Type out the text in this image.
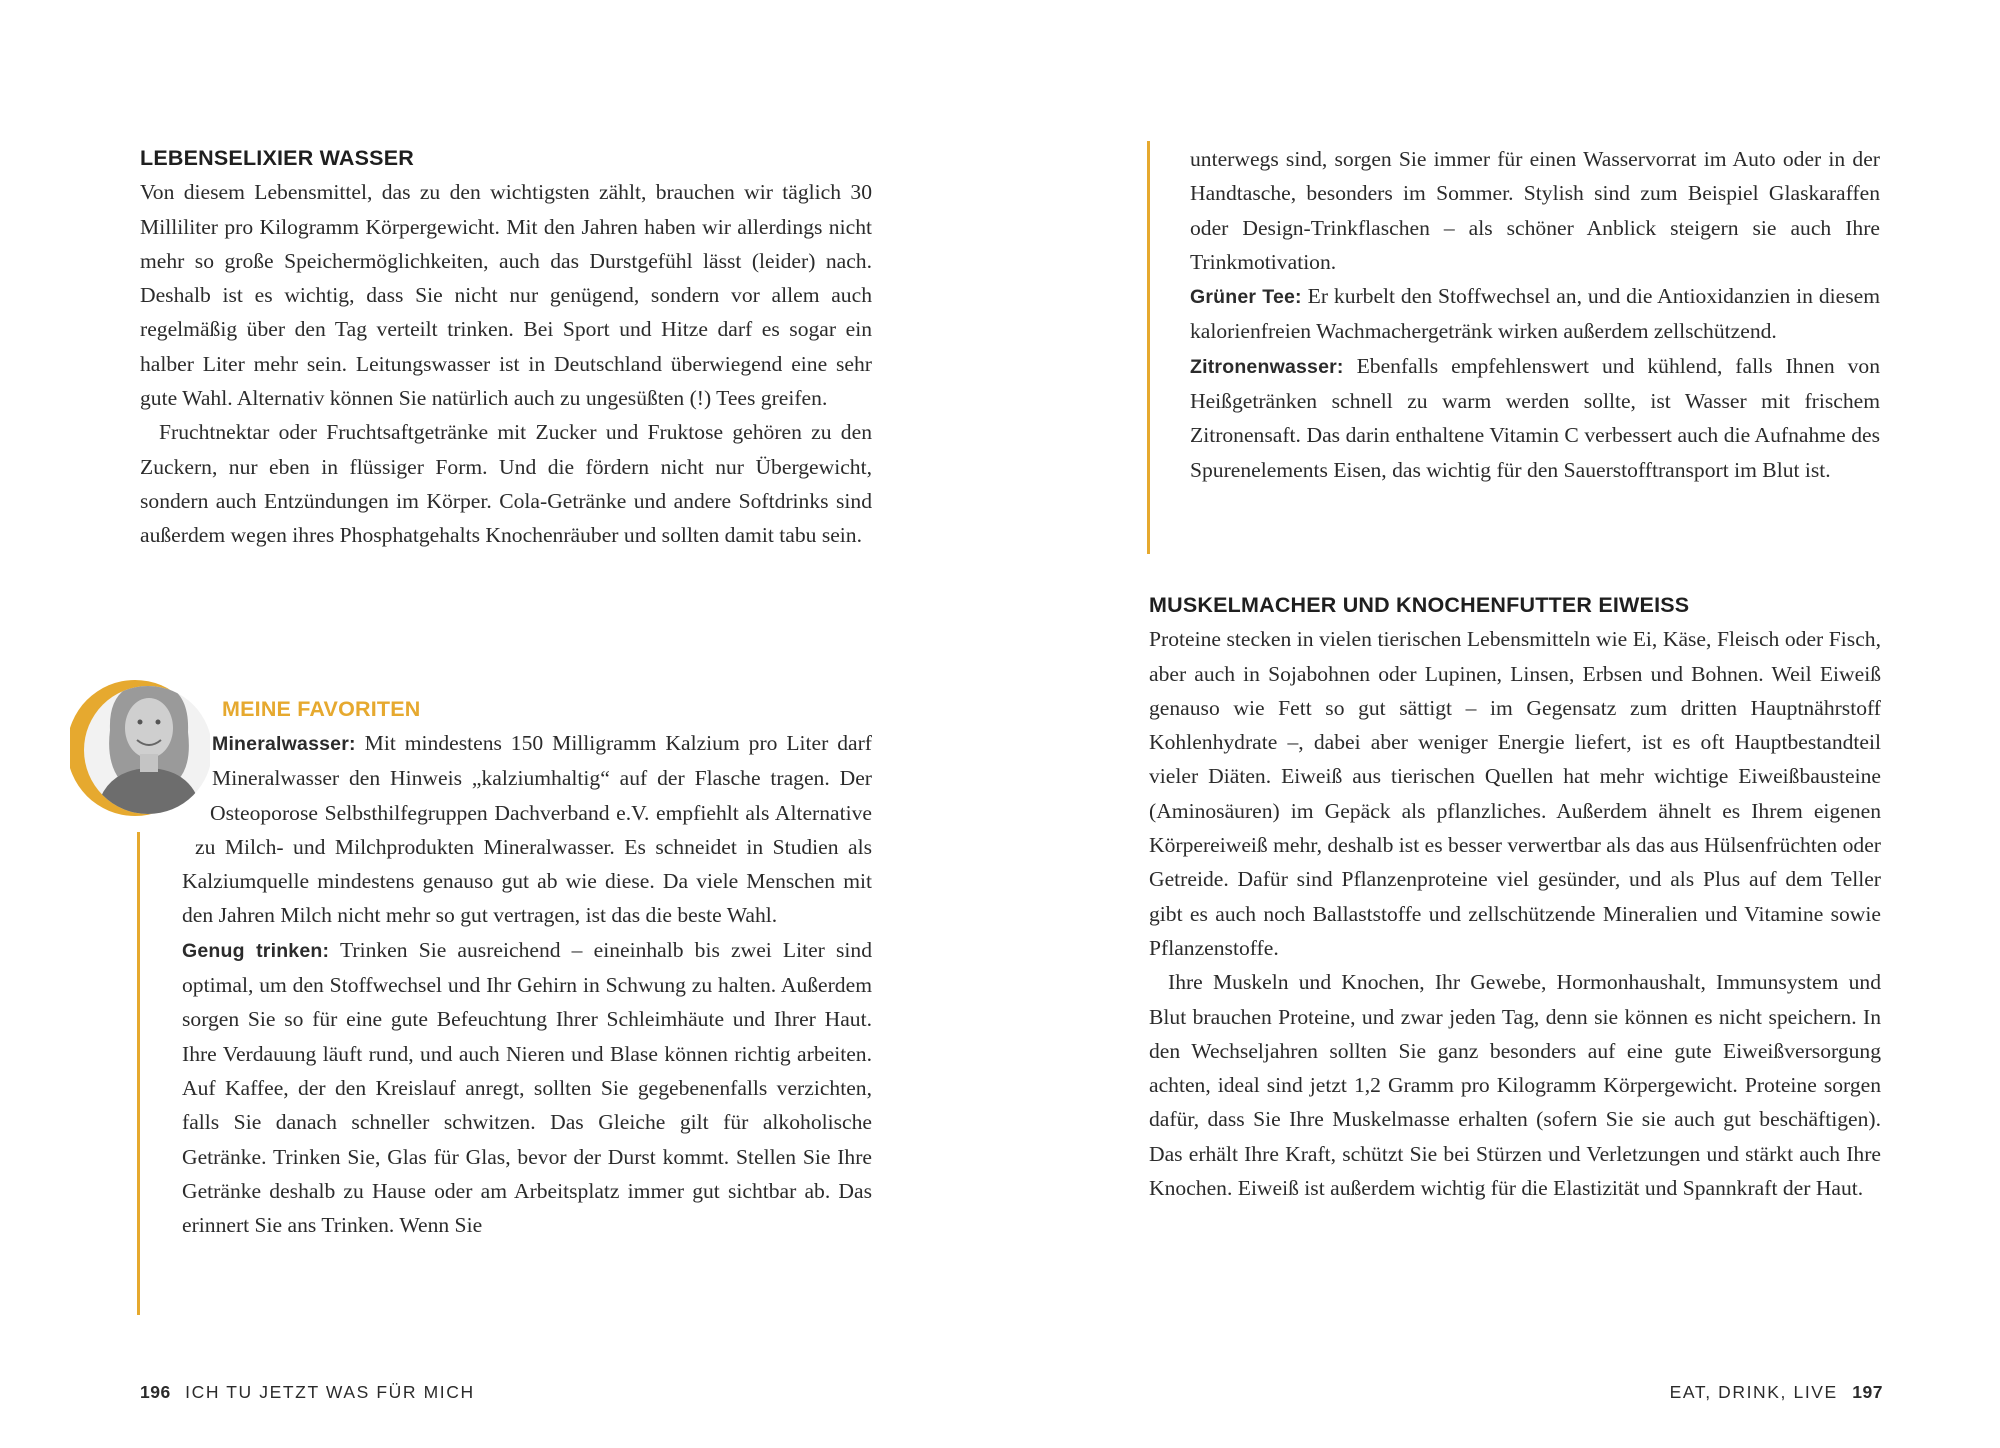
LEBENSELIXIER WASSER

Von diesem Lebensmittel, das zu den wichtigsten zählt, brauchen wir täglich 30 Milliliter pro Kilogramm Körpergewicht. Mit den Jahren haben wir allerdings nicht mehr so große Speichermöglichkeiten, auch das Durstgefühl lässt (leider) nach. Deshalb ist es wichtig, dass Sie nicht nur genügend, sondern vor allem auch regelmäßig über den Tag verteilt trinken. Bei Sport und Hitze darf es sogar ein halber Liter mehr sein. Leitungswasser ist in Deutschland überwiegend eine sehr gute Wahl. Alternativ können Sie natürlich auch zu ungesüßten (!) Tees greifen.

Fruchtnektar oder Fruchtsaftgetränke mit Zucker und Fruktose gehören zu den Zuckern, nur eben in flüssiger Form. Und die fördern nicht nur Übergewicht, sondern auch Entzündungen im Körper. Cola-Getränke und andere Softdrinks sind außerdem wegen ihres Phosphatgehalts Knochenräuber und sollten damit tabu sein.

MEINE FAVORITEN
Mineralwasser: Mit mindestens 150 Milligramm Kalzium pro Liter darf Mineralwasser den Hinweis „kalziumhaltig“ auf der Flasche tragen. Der Osteoporose Selbsthilfegruppen Dachverband e.V. empfiehlt als Alternative zu Milch- und Milchprodukten Mineralwasser. Es schneidet in Studien als Kalziumquelle mindestens genauso gut ab wie diese. Da viele Menschen mit den Jahren Milch nicht mehr so gut vertragen, ist das die beste Wahl.
Genug trinken: Trinken Sie ausreichend – eineinhalb bis zwei Liter sind optimal, um den Stoffwechsel und Ihr Gehirn in Schwung zu halten. Außerdem sorgen Sie so für eine gute Befeuchtung Ihrer Schleimhäute und Ihrer Haut. Ihre Verdauung läuft rund, und auch Nieren und Blase können richtig arbeiten. Auf Kaffee, der den Kreislauf anregt, sollten Sie gegebenenfalls verzichten, falls Sie danach schneller schwitzen. Das Gleiche gilt für alkoholische Getränke. Trinken Sie, Glas für Glas, bevor der Durst kommt. Stellen Sie Ihre Getränke deshalb zu Hause oder am Arbeitsplatz immer gut sichtbar ab. Das erinnert Sie ans Trinken. Wenn Sie
196 ICH TU JETZT WAS FÜR MICH
unterwegs sind, sorgen Sie immer für einen Wasservorrat im Auto oder in der Handtasche, besonders im Sommer. Stylish sind zum Beispiel Glaskaraffen oder Design-Trinkflaschen – als schöner Anblick steigern sie auch Ihre Trinkmotivation.
Grüner Tee: Er kurbelt den Stoffwechsel an, und die Antioxidanzien in diesem kalorienfreien Wachmachergetränk wirken außerdem zellschützend.
Zitronenwasser: Ebenfalls empfehlenswert und kühlend, falls Ihnen von Heißgetränken schnell zu warm werden sollte, ist Wasser mit frischem Zitronensaft. Das darin enthaltene Vitamin C verbessert auch die Aufnahme des Spurenelements Eisen, das wichtig für den Sauerstofftransport im Blut ist.
MUSKELMACHER UND KNOCHENFUTTER EIWEISS

Proteine stecken in vielen tierischen Lebensmitteln wie Ei, Käse, Fleisch oder Fisch, aber auch in Sojabohnen oder Lupinen, Linsen, Erbsen und Bohnen. Weil Eiweiß genauso wie Fett so gut sättigt – im Gegensatz zum dritten Hauptnährstoff Kohlenhydrate –, dabei aber weniger Energie liefert, ist es oft Hauptbestandteil vieler Diäten. Eiweiß aus tierischen Quellen hat mehr wichtige Eiweißbausteine (Aminosäuren) im Gepäck als pflanzliches. Außerdem ähnelt es Ihrem eigenen Körpereiweiß mehr, deshalb ist es besser verwertbar als das aus Hülsenfrüchten oder Getreide. Dafür sind Pflanzenproteine viel gesünder, und als Plus auf dem Teller gibt es auch noch Ballaststoffe und zellschützende Mineralien und Vitamine sowie Pflanzenstoffe.

Ihre Muskeln und Knochen, Ihr Gewebe, Hormonhaushalt, Immunsystem und Blut brauchen Proteine, und zwar jeden Tag, denn sie können es nicht speichern. In den Wechseljahren sollten Sie ganz besonders auf eine gute Eiweißversorgung achten, ideal sind jetzt 1,2 Gramm pro Kilogramm Körpergewicht. Proteine sorgen dafür, dass Sie Ihre Muskelmasse erhalten (sofern Sie sie auch gut beschäftigen). Das erhält Ihre Kraft, schützt Sie bei Stürzen und Verletzungen und stärkt auch Ihre Knochen. Eiweiß ist außerdem wichtig für die Elastizität und Spannkraft der Haut.

EAT, DRINK, LIVE 197
